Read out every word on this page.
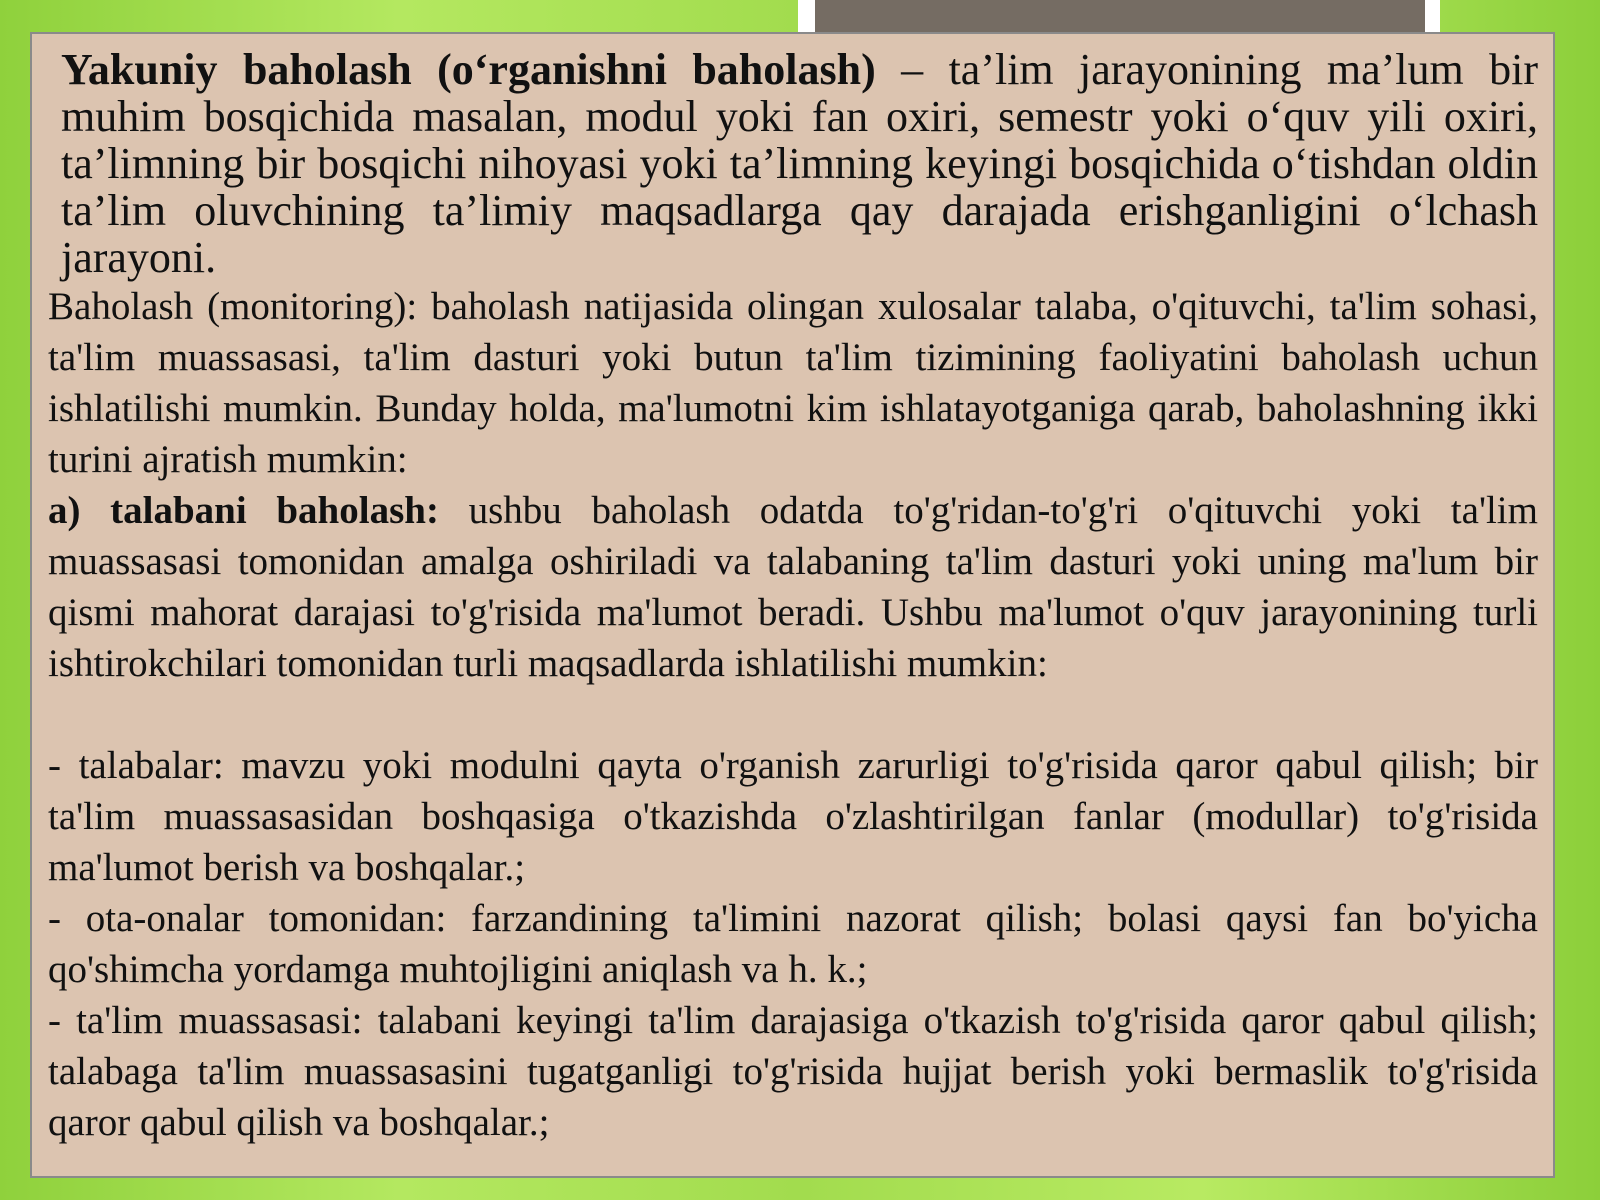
Yakuniy baholash (o‘rganishni baholash) – ta’lim jarayonining ma’lum bir muhim bosqichida masalan, modul yoki fan oxiri, semestr yoki o‘quv yili oxiri, ta’limning bir bosqichi nihoyasi yoki ta’limning keyingi bosqichida o‘tishdan oldin ta’lim oluvchining ta’limiy maqsadlarga qay darajada erishganligini o‘lchash jarayoni.

Baholash (monitoring): baholash natijasida olingan xulosalar talaba, o'qituvchi, ta'lim sohasi, ta'lim muassasasi, ta'lim dasturi yoki butun ta'lim tizimining faoliyatini baholash uchun ishlatilishi mumkin. Bunday holda, ma'lumotni kim ishlatayotganiga qarab, baholashning ikki turini ajratish mumkin:

a) talabani baholash: ushbu baholash odatda to'g'ridan-to'g'ri o'qituvchi yoki ta'lim muassasasi tomonidan amalga oshiriladi va talabaning ta'lim dasturi yoki uning ma'lum bir qismi mahorat darajasi to'g'risida ma'lumot beradi. Ushbu ma'lumot o'quv jarayonining turli ishtirokchilari tomonidan turli maqsadlarda ishlatilishi mumkin:

- talabalar: mavzu yoki modulni qayta o'rganish zarurligi to'g'risida qaror qabul qilish; bir ta'lim muassasasidan boshqasiga o'tkazishda o'zlashtirilgan fanlar (modullar) to'g'risida ma'lumot berish va boshqalar.;

- ota-onalar tomonidan: farzandining ta'limini nazorat qilish; bolasi qaysi fan bo'yicha qo'shimcha yordamga muhtojligini aniqlash va h. k.;

- ta'lim muassasasi: talabani keyingi ta'lim darajasiga o'tkazish to'g'risida qaror qabul qilish; talabaga ta'lim muassasasini tugatganligi to'g'risida hujjat berish yoki bermaslik to'g'risida qaror qabul qilish va boshqalar.;
